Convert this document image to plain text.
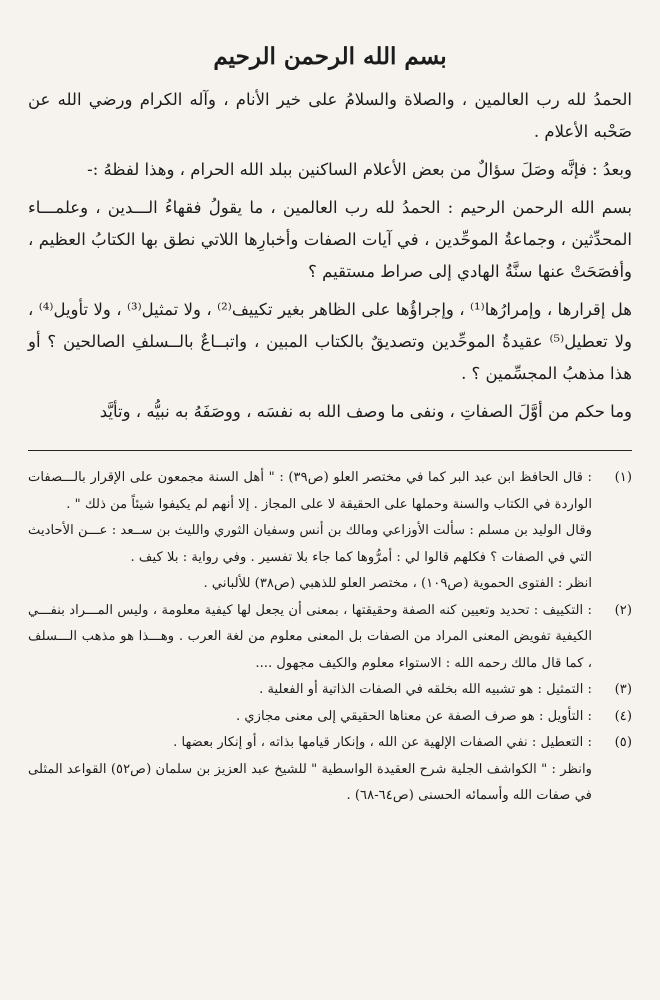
بسم الله الرحمن الرحيم

الحمدُ لله رب العالمين ، والصلاة والسلامُ على خير الأنام ، وآله الكرام ورضي الله عن صَحْبه الأعلام .

وبعدُ : فإنَّه وصَلَ سؤالٌ من بعض الأعلام الساكنين ببلد الله الحرام ، وهذا لفظهُ :-

بسم الله الرحمن الرحيم : الحمدُ لله رب العالمين ، ما يقولُ فقهاءُ الـــدين ، وعلمـــاء المحدِّثين ، وجماعةُ الموحِّدين ، في آيات الصفات وأخبارِها اللاتي نطق بها الكتابُ العظيم ، وأفصَحَتْ عنها سنَّةُ الهادي إلى صراط مستقيم ؟

هل إقرارها ، وإمرارُها⁽¹⁾ ، وإجراؤُها على الظاهر بغير تكييف⁽²⁾ ، ولا تمثيل⁽³⁾ ، ولا تأويل⁽⁴⁾ ، ولا تعطيل⁽⁵⁾ عقيدةُ الموحِّدين وتصديقٌ بالكتاب المبين ، واتبــاعٌ بالــسلفِ الصالحين ؟ أو هذا مذهبُ المجسِّمين ؟ .

وما حكم من أوَّلَ الصفاتِ ، ونفى ما وصف الله به نفسَه ، ووصَفَهُ به نبيُّه ، وتأيَّد

(١)
: قال الحافظ ابن عبد البر كما في مختصر العلو (ص٣٩) : " أهل السنة مجمعون على الإقرار بالـــصفات الواردة في الكتاب والسنة وحملها على الحقيقة لا على المجاز . إلا أنهم لم يكيفوا شيئاً من ذلك " .
وقال الوليد بن مسلم : سألت الأوزاعي ومالك بن أنس وسفيان الثوري والليث بن ســعد : عـــن الأحاديث التي في الصفات ؟ فكلهم قالوا لي : أمرُّوها كما جاء بلا تفسير . وفي رواية : بلا كيف .
انظر : الفتوى الحموية (ص١٠٩) ، مختصر العلو للذهبي (ص٣٨) للألباني .
(٢)
: التكييف : تحديد وتعيين كنه الصفة وحقيقتها ، بمعنى أن يجعل لها كيفية معلومة ، وليس المـــراد بنفـــي الكيفية تفويض المعنى المراد من الصفات بل المعنى معلوم من لغة العرب . وهـــذا هو مذهب الـــسلف ، كما قال مالك رحمه الله : الاستواء معلوم والكيف مجهول ....
(٣)
: التمثيل : هو تشبيه الله بخلقه في الصفات الذاتية أو الفعلية .
(٤)
: التأويل : هو صرف الصفة عن معناها الحقيقي إلى معنى مجازي .
(٥)
: التعطيل : نفي الصفات الإلهية عن الله ، وإنكار قيامها بذاته ، أو إنكار بعضها .
وانظر : " الكواشف الجلية شرح العقيدة الواسطية " للشيخ عبد العزيز بن سلمان (ص٥٢) القواعد المثلى في صفات الله وأسمائه الحسنى (ص٦٤-٦٨) .
